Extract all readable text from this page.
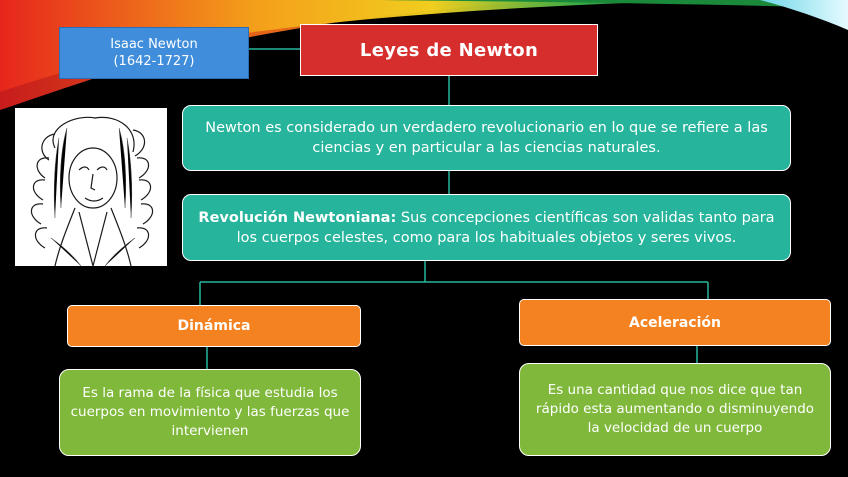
Leyes de Newton
Isaac Newton
(1642-1727)
Newton es considerado un verdadero revolucionario en lo que se refiere a las ciencias y en particular a las ciencias naturales.
Revolución Newtoniana: Sus concepciones científicas son validas tanto para los cuerpos celestes, como para los habituales objetos y seres vivos.
Dinámica	Aceleración
Es la rama de la física que estudia los cuerpos en movimiento y las fuerzas que intervienen
Es una cantidad que nos dice que tan rápido esta aumentando o disminuyendo la velocidad de un cuerpo
